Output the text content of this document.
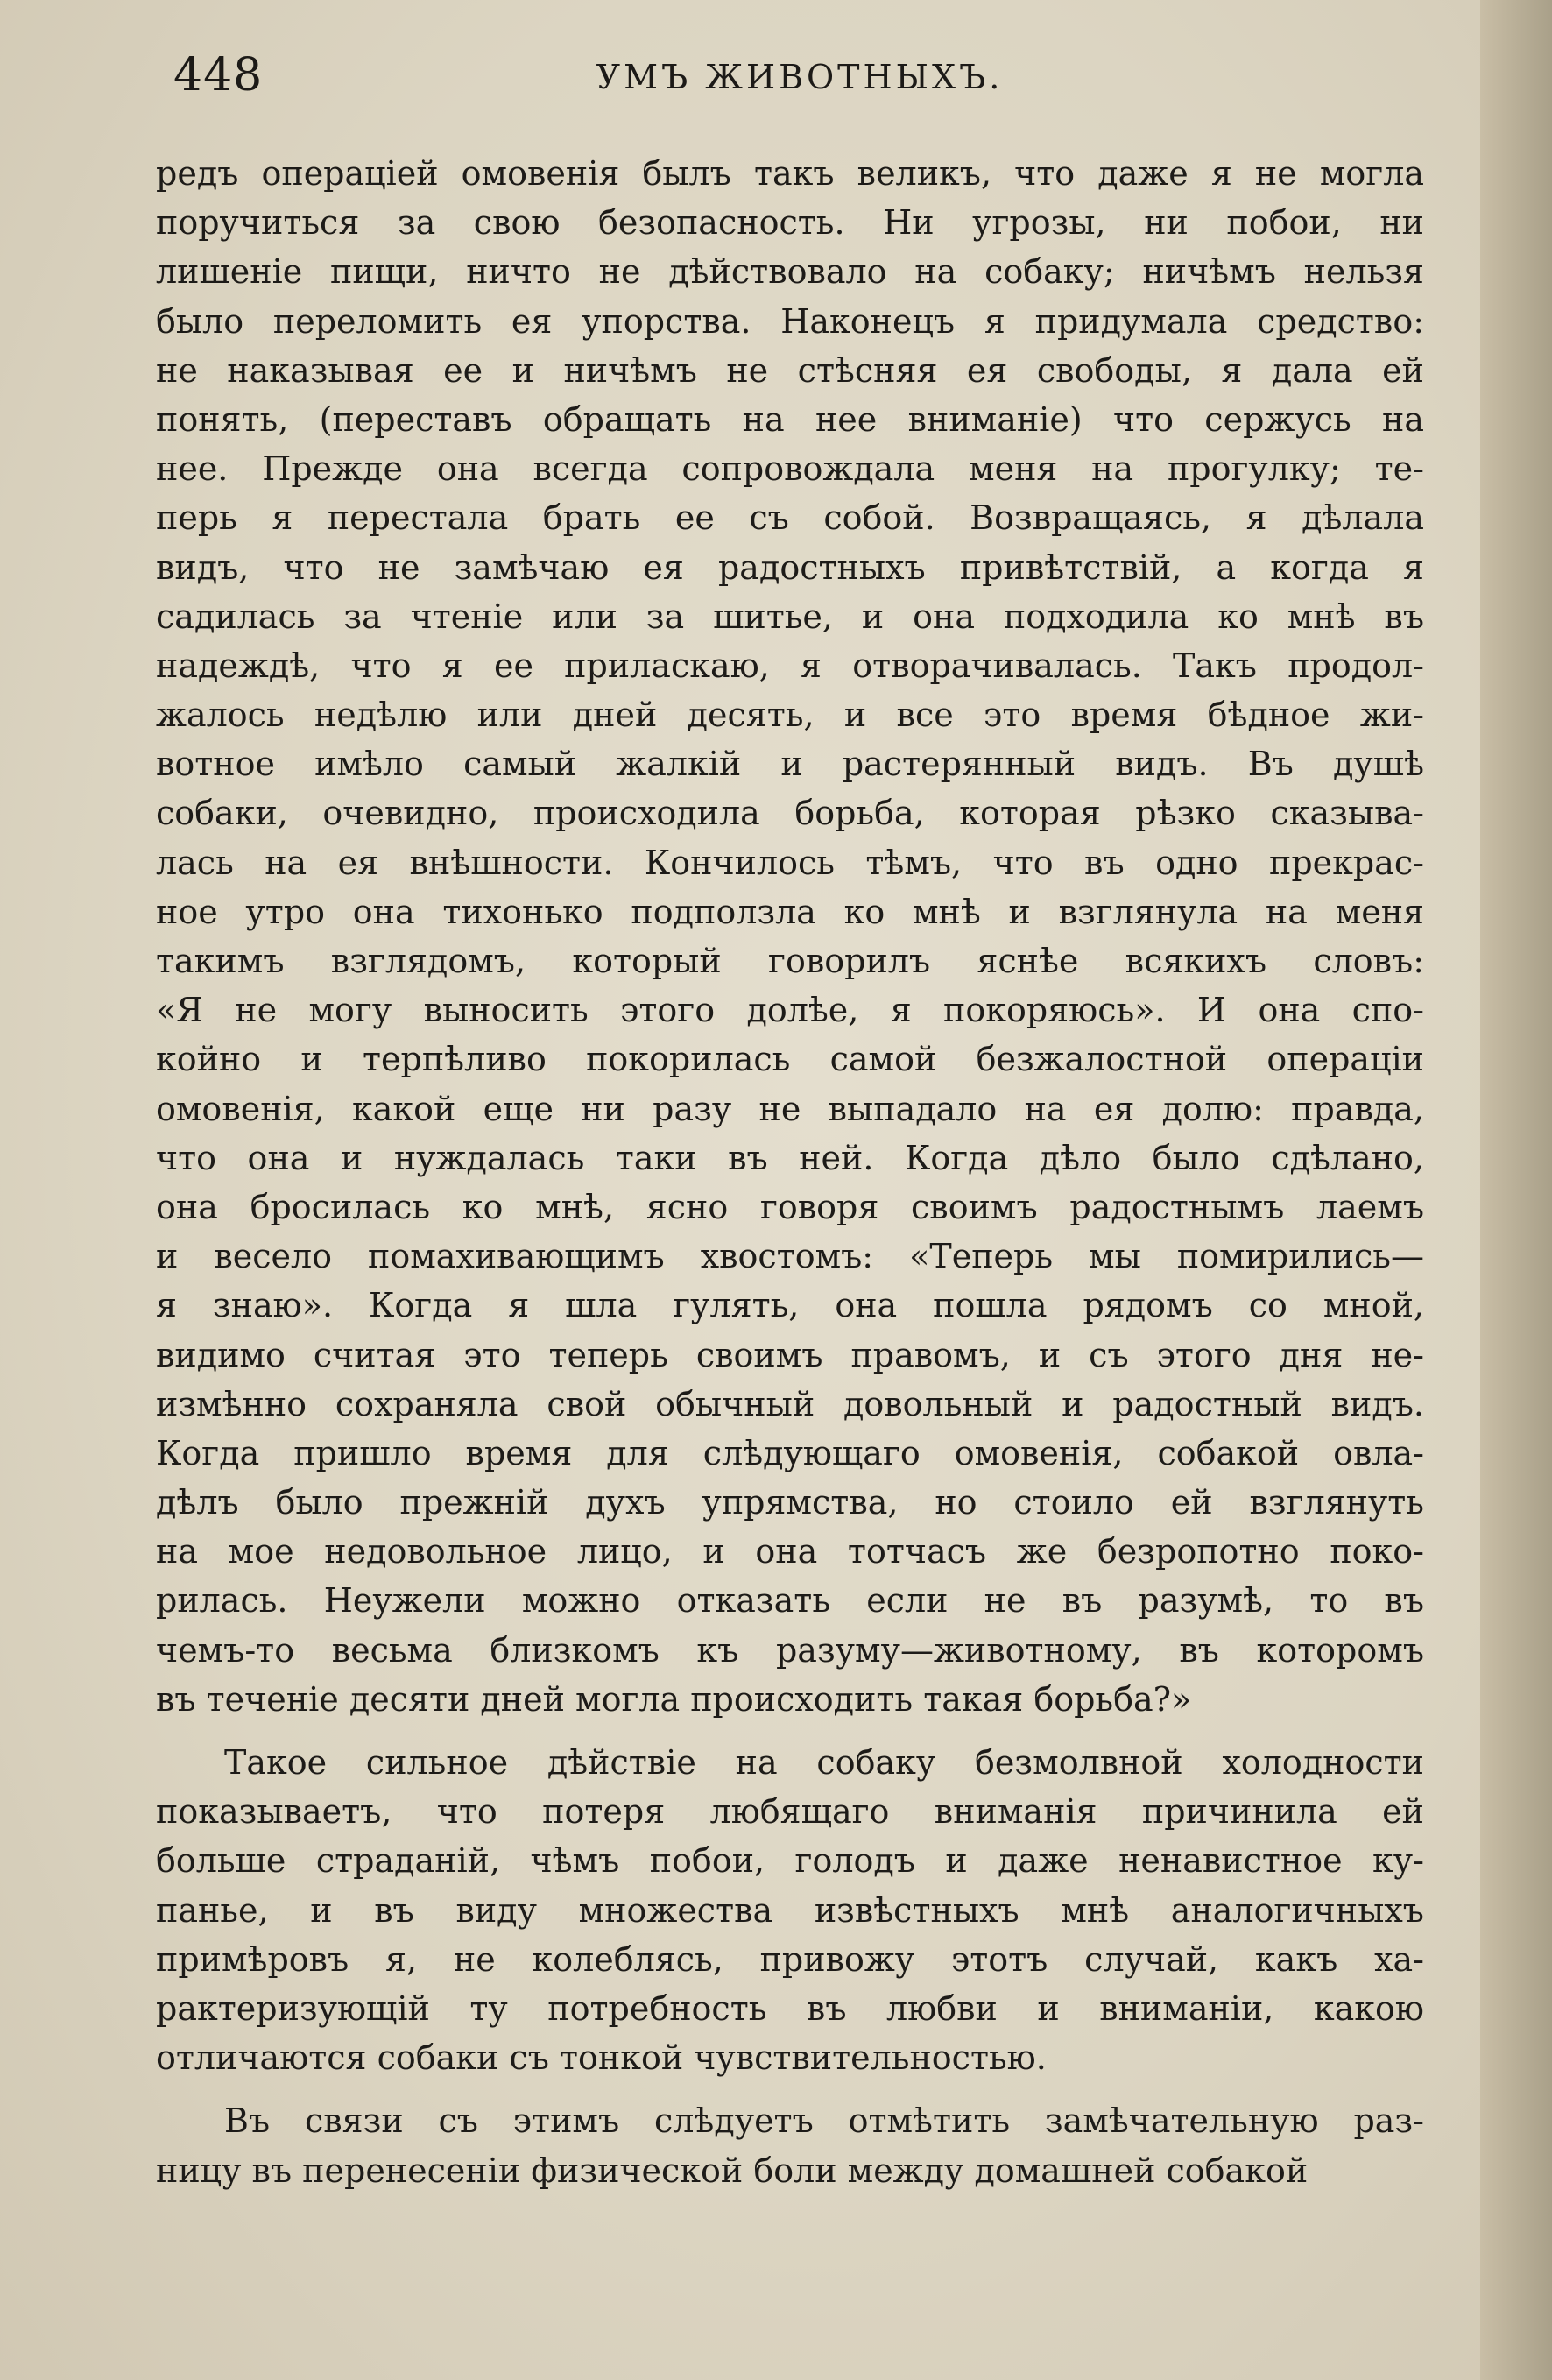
448	УМЪ ЖИВОТНЫХЪ.
редъ операціей омовенія былъ такъ великъ, что даже я не могла
поручиться за свою безопасность. Ни угрозы, ни побои, ни
лишеніе пищи, ничто не дѣйствовало на собаку; ничѣмъ нельзя
было переломить ея упорства. Наконецъ я придумала средство:
не наказывая ее и ничѣмъ не стѣсняя ея свободы, я дала ей
понять, (переставъ обращать на нее вниманіе) что сержусь на
нее. Прежде она всегда сопровождала меня на прогулку; те-
перь я перестала брать ее съ собой. Возвращаясь, я дѣлала
видъ, что не замѣчаю ея радостныхъ привѣтствій, а когда я
садилась за чтеніе или за шитье, и она подходила ко мнѣ въ
надеждѣ, что я ее приласкаю, я отворачивалась. Такъ продол-
жалось недѣлю или дней десять, и все это время бѣдное жи-
вотное имѣло самый жалкій и растерянный видъ. Въ душѣ
собаки, очевидно, происходила борьба, которая рѣзко сказыва-
лась на ея внѣшности. Кончилось тѣмъ, что въ одно прекрас-
ное утро она тихонько подползла ко мнѣ и взглянула на меня
такимъ взглядомъ, который говорилъ яснѣе всякихъ словъ:
«Я не могу выносить этого долѣе, я покоряюсь». И она спо-
койно и терпѣливо покорилась самой безжалостной операціи
омовенія, какой еще ни разу не выпадало на ея долю: правда,
что она и нуждалась таки въ ней. Когда дѣло было сдѣлано,
она бросилась ко мнѣ, ясно говоря своимъ радостнымъ лаемъ
и весело помахивающимъ хвостомъ: «Теперь мы помирились—
я знаю». Когда я шла гулять, она пошла рядомъ со мной,
видимо считая это теперь своимъ правомъ, и съ этого дня не-
измѣнно сохраняла свой обычный довольный и радостный видъ.
Когда пришло время для слѣдующаго омовенія, собакой овла-
дѣлъ было прежній духъ упрямства, но стоило ей взглянуть
на мое недовольное лицо, и она тотчасъ же безропотно поко-
рилась. Неужели можно отказать если не въ разумѣ, то въ
чемъ-то весьма близкомъ къ разуму—животному, въ которомъ
въ теченіе десяти дней могла происходить такая борьба?»
Такое сильное дѣйствіе на собаку безмолвной холодности
показываетъ, что потеря любящаго вниманія причинила ей
больше страданій, чѣмъ побои, голодъ и даже ненавистное ку-
панье, и въ виду множества извѣстныхъ мнѣ аналогичныхъ
примѣровъ я, не колеблясь, привожу этотъ случай, какъ ха-
рактеризующій ту потребность въ любви и вниманіи, какою
отличаются собаки съ тонкой чувствительностью.
Въ связи съ этимъ слѣдуетъ отмѣтить замѣчательную раз-
ницу въ перенесеніи физической боли между домашней собакой
